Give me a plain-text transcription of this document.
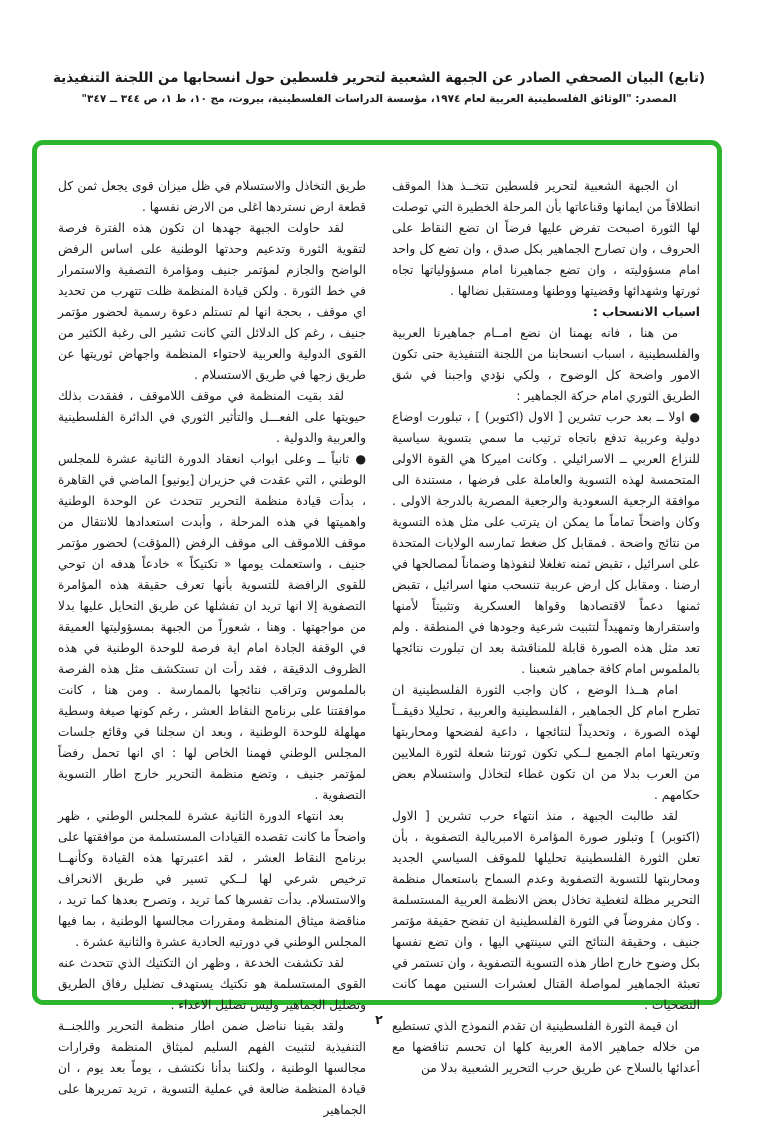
(تابع) البيان الصحفي الصادر عن الجبهة الشعبية لتحرير فلسطين حول انسحابها من اللجنة التنفيذية
المصدر: "الوثائق الفلسطينية العربية لعام ١٩٧٤، مؤسسة الدراسات الفلسطينية، بيروت، مج ١٠، ط ١، ص ٣٤٤ ــ ٣٤٧"

ان الجبهة الشعبية لتحرير فلسطين تتخــذ هذا الموقف انطلاقاً من ايمانها وقناعاتها بأن المرحلة الخطيرة التي توصلت لها الثورة اصبحت تفرض عليها فرضاً ان تضع النقاط على الحروف ، وان تصارح الجماهير بكل صدق ، وان تضع كل واحد امام مسؤوليته ، وان تضع جماهيرنا امام مسؤولياتها تجاه ثورتها وشهدائها وقضيتها ووطنها ومستقبل نضالها .

اسباب الانسحاب :

من هنا ، فانه يهمنا ان نضع امــام جماهيرنا العربية والفلسطينية ، اسباب انسحابنا من اللجنة التنفيذية حتى تكون الامور واضحة كل الوضوح ، ولكي نؤدي واجبنا في شق الطريق الثوري امام حركة الجماهير :

● اولا ــ بعد حرب تشرين [ الاول (اكتوبر) ] ، تبلورت اوضاع دولية وعربية تدفع باتجاه ترتيب ما سمي بتسوية سياسية للنزاع العربي ــ الاسرائيلي . وكانت اميركا هي القوة الاولى المتحمسة لهذه التسوية والعاملة على فرضها ، مستندة الى موافقة الرجعية السعودية والرجعية المصرية بالدرجة الاولى . وكان واضحاً تماماً ما يمكن ان يترتب على مثل هذه التسوية من نتائج واضحة . فمقابل كل ضغط تمارسه الولايات المتحدة على اسرائيل ، تقبض ثمنه تغلغلا لنفوذها وضماناً لمصالحها في ارضنا . ومقابل كل ارض عربية تنسحب منها اسرائيل ، تقبض ثمنها دعماً لاقتصادها وقواها العسكرية وتثبيتاً لأمنها واستقرارها وتمهيداً لتثبيت شرعية وجودها في المنطقة . ولم تعد مثل هذه الصورة قابلة للمناقشة بعد ان تبلورت نتائجها بالملموس امام كافة جماهير شعبنا .

امام هــذا الوضع ، كان واجب الثورة الفلسطينية ان تطرح امام كل الجماهير ، الفلسطينية والعربية ، تحليلا دقيقــاً لهذه الصورة ، وتحديداً لنتائجها ، داعية لفضحها ومحاربتها وتعريتها امام الجميع لــكي تكون ثورتنا شعلة لثورة الملايين من العرب بدلا من ان تكون غطاء لتخاذل واستسلام بعض حكامهم .

لقد طالبت الجبهة ، منذ انتهاء حرب تشرين [ الاول (اكتوبر) ] وتبلور صورة المؤامرة الامبريالية التصفوية ، بأن تعلن الثورة الفلسطينية تحليلها للموقف السياسي الجديد ومحاربتها للتسوية التصفوية وعدم السماح باستعمال منظمة التحرير مظلة لتغطية تخاذل بعض الانظمة العربية المستسلمة . وكان مفروضاً في الثورة الفلسطينية ان تفضح حقيقة مؤتمر جنيف ، وحقيقة النتائج التي سينتهي اليها ، وان تضع نفسها بكل وضوح خارج اطار هذه التسوية التصفوية ، وان تستمر في تعبئة الجماهير لمواصلة القتال لعشرات السنين مهما كانت التضحيات .

ان قيمة الثورة الفلسطينية ان تقدم النموذج الذي تستطيع من خلاله جماهير الامة العربية كلها ان تحسم تناقضها مع أعدائها بالسلاح عن طريق حرب التحرير الشعبية بدلا من

طريق التخاذل والاستسلام في ظل ميزان قوى يجعل ثمن كل قطعة ارض نستردها اغلى من الارض نفسها .

لقد حاولت الجبهة جهدها ان تكون هذه الفترة فرصة لتقوية الثورة وتدعيم وحدتها الوطنية على اساس الرفض الواضح والجازم لمؤتمر جنيف ومؤامرة التصفية والاستمرار في خط الثورة . ولكن قيادة المنظمة ظلت تتهرب من تحديد اي موقف ، بحجة انها لم تستلم دعوة رسمية لحضور مؤتمر جنيف ، رغم كل الدلائل التي كانت تشير الى رغبة الكثير من القوى الدولية والعربية لاحتواء المنظمة واجهاض ثوريتها عن طريق زجها في طريق الاستسلام .

لقد بقيت المنظمة في موقف اللاموقف ، ففقدت بذلك حيويتها على الفعـــل والتأثير الثوري في الدائرة الفلسطينية والعربية والدولية .

● ثانياً ــ وعلى ابواب انعقاد الدورة الثانية عشرة للمجلس الوطني ، التي عقدت في حزيران [يونيو] الماضي في القاهرة ، بدأت قيادة منظمة التحرير تتحدث عن الوحدة الوطنية واهميتها في هذه المرحلة ، وأبدت استعدادها للانتقال من موقف اللاموقف الى موقف الرفض (المؤقت) لحضور مؤتمر جنيف ، واستعملت يومها « تكتيكاً » خادعاً هدفه ان توحي للقوى الرافضة للتسوية بأنها تعرف حقيقة هذه المؤامرة التصفوية إلا انها تريد ان تفشلها عن طريق التحايل عليها بدلا من مواجهتها . وهنا ، شعوراً من الجبهة بمسؤوليتها العميقة في الوقفة الجادة امام اية فرصة للوحدة الوطنية في هذه الظروف الدقيقة ، فقد رأت ان تستكشف مثل هذه الفرصة بالملموس وتراقب نتائجها بالممارسة . ومن هنا ، كانت موافقتنا على برنامج النقاط العشر ، رغم كونها صيغة وسطية مهلهلة للوحدة الوطنية ، وبعد ان سجلنا في وقائع جلسات المجلس الوطني فهمنا الخاص لها : اي انها تحمل رفضاً لمؤتمر جنيف ، وتضع منظمة التحرير خارج اطار التسوية التصفوية .

بعد انتهاء الدورة الثانية عشرة للمجلس الوطني ، ظهر واضحاً ما كانت تقصده القيادات المستسلمة من موافقتها على برنامج النقاط العشر ، لقد اعتبرتها هذه القيادة وكأنهــا ترخيص شرعي لها لــكي تسير في طريق الانحراف والاستسلام. بدأت تفسرها كما تريد ، وتصرح بعدها كما تريد ، مناقضة ميثاق المنظمة ومقررات مجالسها الوطنية ، بما فيها المجلس الوطني في دورتيه الحادية عشرة والثانية عشرة .

لقد تكشفت الخدعة ، وظهر ان التكتيك الذي تتحدث عنه القوى المستسلمة هو تكتيك يستهدف تضليل رفاق الطريق وتضليل الجماهير وليس تضليل الاعداء .

ولقد بقينا نناضل ضمن اطار منظمة التحرير واللجنــة التنفيذية لتثبيت الفهم السليم لميثاق المنظمة وقرارات مجالسها الوطنية ، ولكننا بدأنا نكتشف ، يوماً بعد يوم ، ان قيادة المنظمة ضالعة في عملية التسوية ، تريد تمريرها على الجماهير

٢
